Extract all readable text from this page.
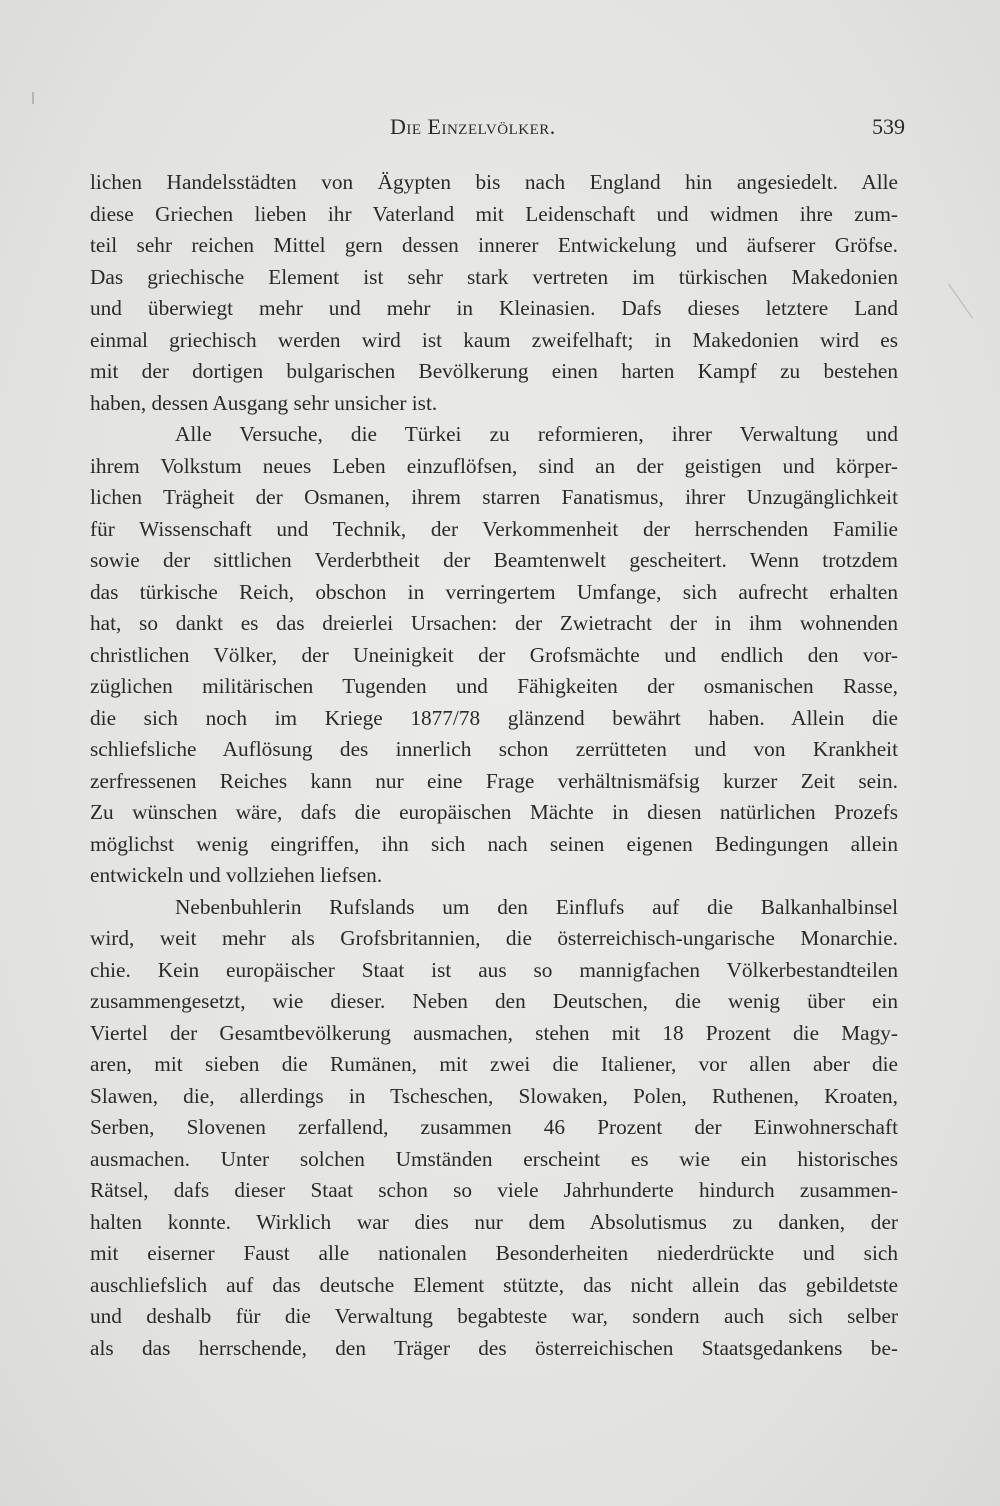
Die Einzelvölker.	539
lichen Handelsstädten von Ägypten bis nach England hin angesiedelt. Alle
diese Griechen lieben ihr Vaterland mit Leidenschaft und widmen ihre zum-
teil sehr reichen Mittel gern dessen innerer Entwickelung und äufserer Gröfse.
Das griechische Element ist sehr stark vertreten im türkischen Makedonien
und überwiegt mehr und mehr in Kleinasien. Dafs dieses letztere Land
einmal griechisch werden wird ist kaum zweifelhaft; in Makedonien wird es
mit der dortigen bulgarischen Bevölkerung einen harten Kampf zu bestehen
haben, dessen Ausgang sehr unsicher ist.
Alle Versuche, die Türkei zu reformieren, ihrer Verwaltung und
ihrem Volkstum neues Leben einzuflöfsen, sind an der geistigen und körper-
lichen Trägheit der Osmanen, ihrem starren Fanatismus, ihrer Unzugänglichkeit
für Wissenschaft und Technik, der Verkommenheit der herrschenden Familie
sowie der sittlichen Verderbtheit der Beamtenwelt gescheitert. Wenn trotzdem
das türkische Reich, obschon in verringertem Umfange, sich aufrecht erhalten
hat, so dankt es das dreierlei Ursachen: der Zwietracht der in ihm wohnenden
christlichen Völker, der Uneinigkeit der Grofsmächte und endlich den vor-
züglichen militärischen Tugenden und Fähigkeiten der osmanischen Rasse,
die sich noch im Kriege 1877/78 glänzend bewährt haben. Allein die
schliefsliche Auflösung des innerlich schon zerrütteten und von Krankheit
zerfressenen Reiches kann nur eine Frage verhältnismäfsig kurzer Zeit sein.
Zu wünschen wäre, dafs die europäischen Mächte in diesen natürlichen Prozefs
möglichst wenig eingriffen, ihn sich nach seinen eigenen Bedingungen allein
entwickeln und vollziehen liefsen.
Nebenbuhlerin Rufslands um den Einflufs auf die Balkanhalbinsel
wird, weit mehr als Grofsbritannien, die österreichisch-ungarische Monarchie.
chie. Kein europäischer Staat ist aus so mannigfachen Völkerbestandteilen
zusammengesetzt, wie dieser. Neben den Deutschen, die wenig über ein
Viertel der Gesamtbevölkerung ausmachen, stehen mit 18 Prozent die Magy-
aren, mit sieben die Rumänen, mit zwei die Italiener, vor allen aber die
Slawen, die, allerdings in Tscheschen, Slowaken, Polen, Ruthenen, Kroaten,
Serben, Slovenen zerfallend, zusammen 46 Prozent der Einwohnerschaft
ausmachen. Unter solchen Umständen erscheint es wie ein historisches
Rätsel, dafs dieser Staat schon so viele Jahrhunderte hindurch zusammen-
halten konnte. Wirklich war dies nur dem Absolutismus zu danken, der
mit eiserner Faust alle nationalen Besonderheiten niederdrückte und sich
auschliefslich auf das deutsche Element stützte, das nicht allein das gebildetste
und deshalb für die Verwaltung begabteste war, sondern auch sich selber
als das herrschende, den Träger des österreichischen Staatsgedankens be-
